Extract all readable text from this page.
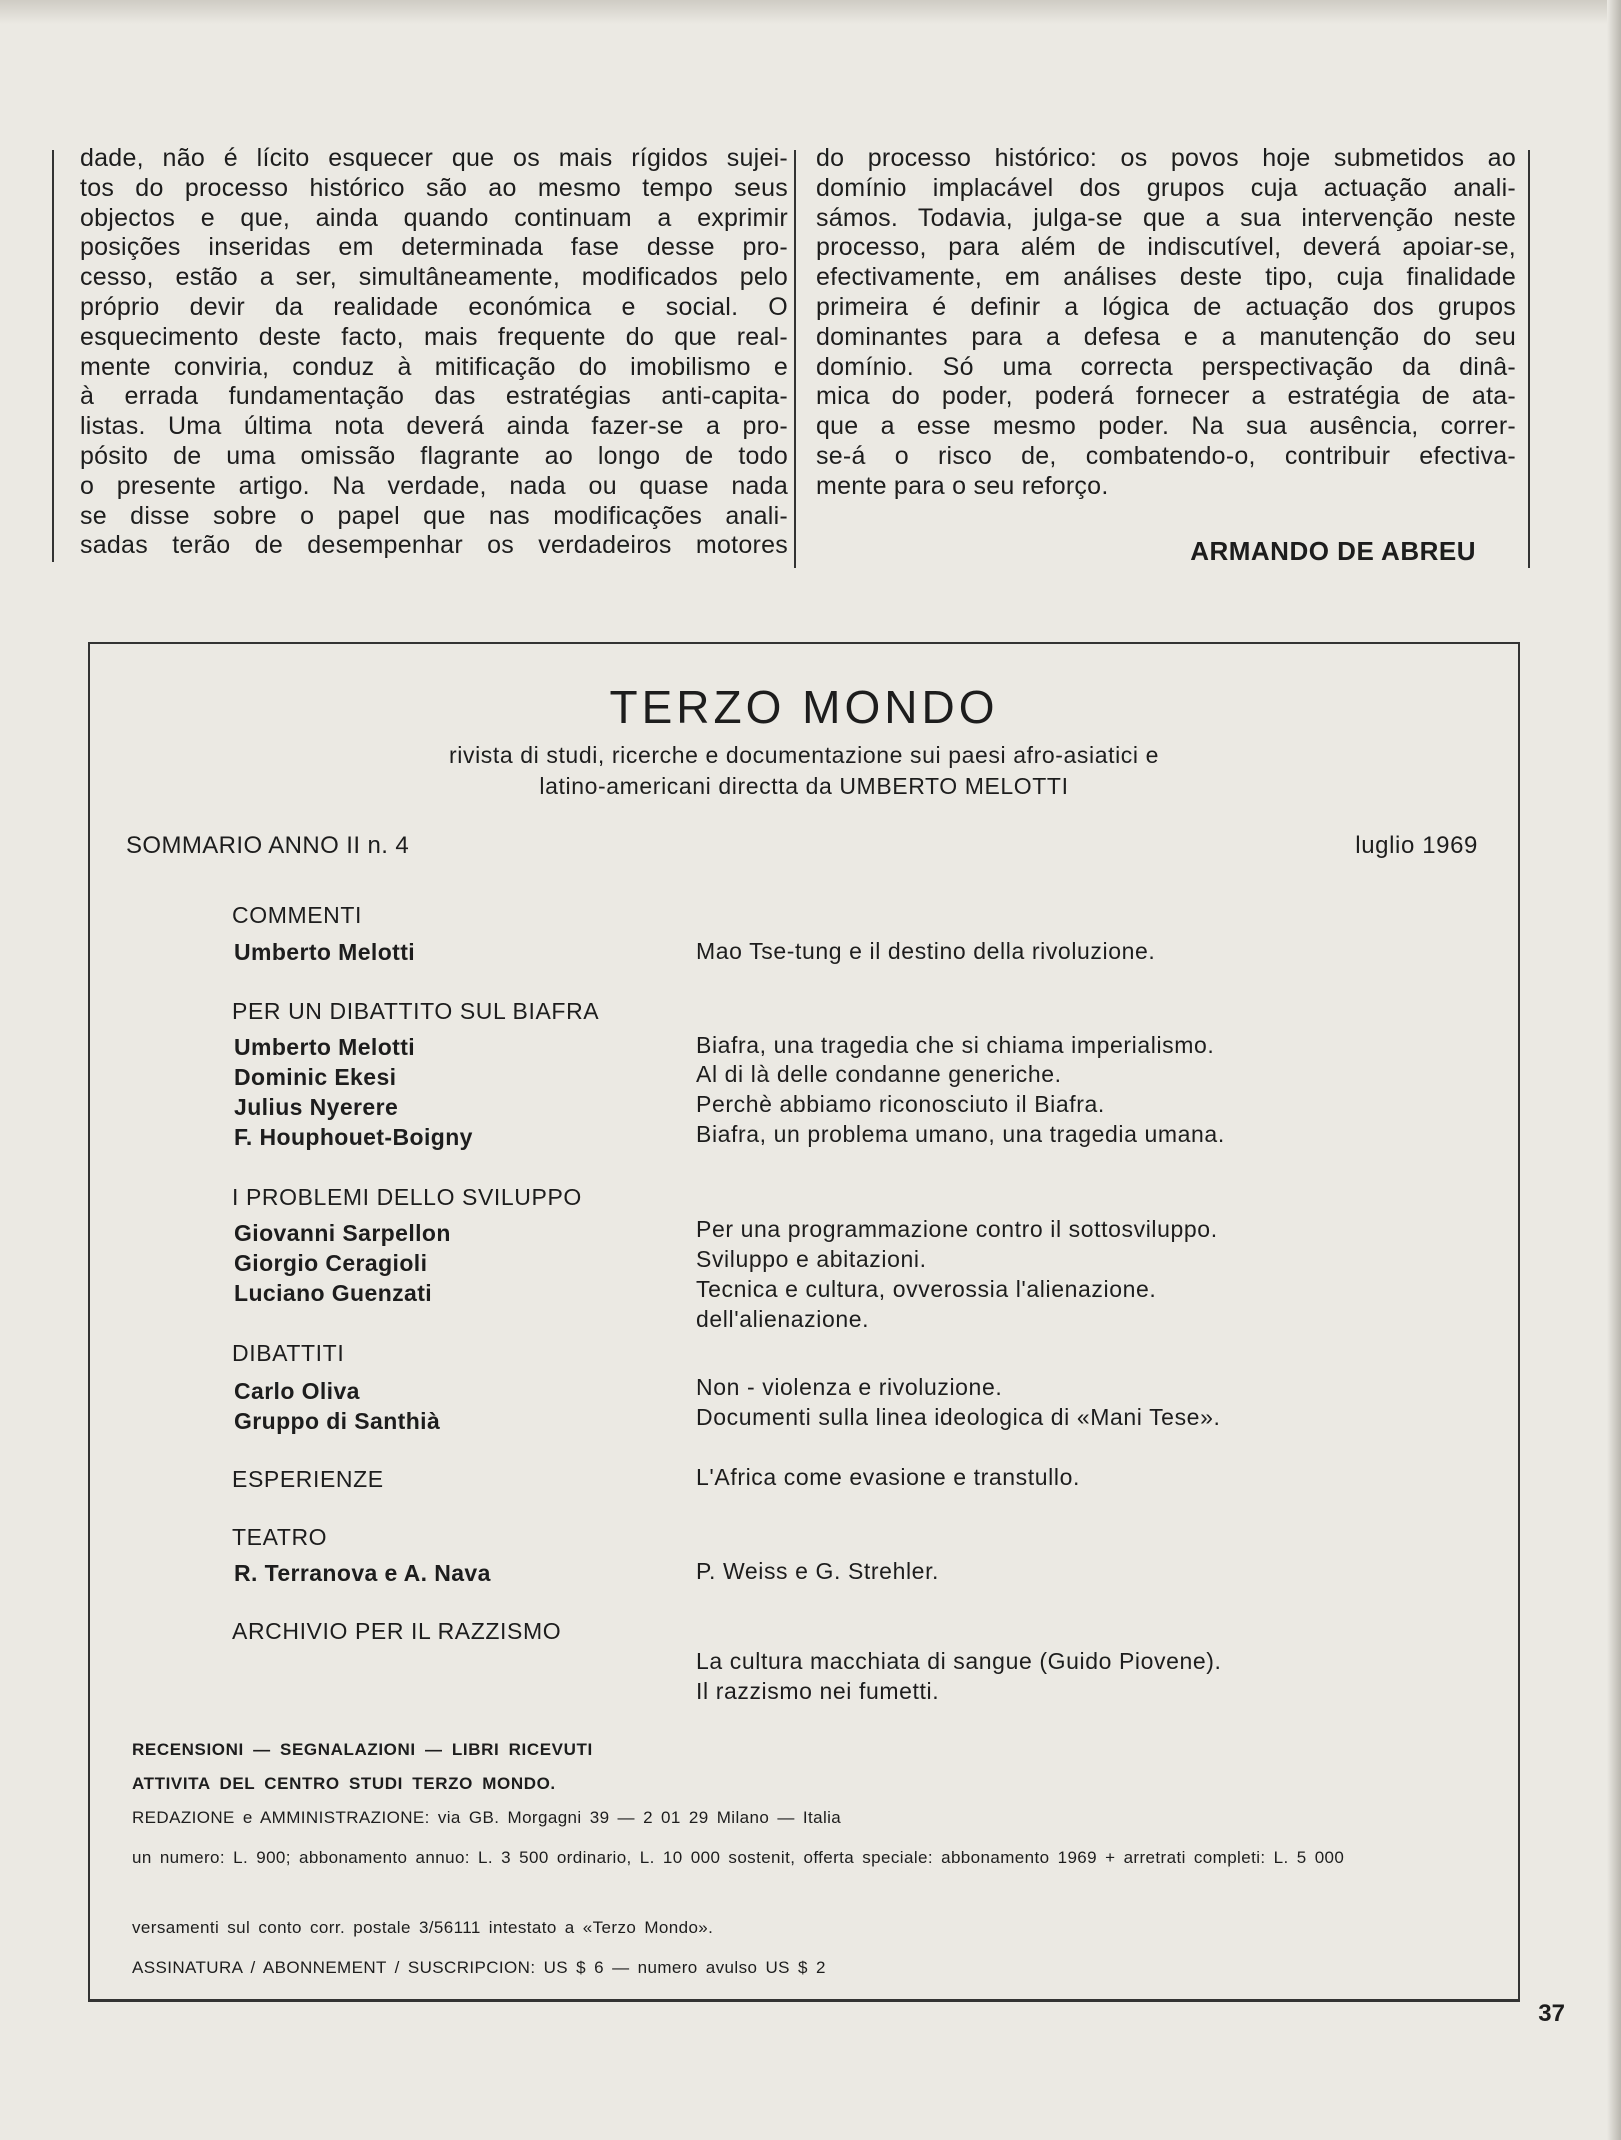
dade, não é lícito esquecer que os mais rígidos sujei-

tos do processo histórico são ao mesmo tempo seus

objectos e que, ainda quando continuam a exprimir

posições inseridas em determinada fase desse pro-

cesso, estão a ser, simultâneamente, modificados pelo

próprio devir da realidade económica e social. O

esquecimento deste facto, mais frequente do que real-

mente conviria, conduz à mitificação do imobilismo e

à errada fundamentação das estratégias anti-capita-

listas. Uma última nota deverá ainda fazer-se a pro-

pósito de uma omissão flagrante ao longo de todo

o presente artigo. Na verdade, nada ou quase nada

se disse sobre o papel que nas modificações anali-

sadas terão de desempenhar os verdadeiros motores

do processo histórico: os povos hoje submetidos ao

domínio implacável dos grupos cuja actuação anali-

sámos. Todavia, julga-se que a sua intervenção neste

processo, para além de indiscutível, deverá apoiar-se,

efectivamente, em análises deste tipo, cuja finalidade

primeira é definir a lógica de actuação dos grupos

dominantes para a defesa e a manutenção do seu

domínio. Só uma correcta perspectivação da dinâ-

mica do poder, poderá fornecer a estratégia de ata-

que a esse mesmo poder. Na sua ausência, correr-

se-á o risco de, combatendo-o, contribuir efectiva-

mente para o seu reforço.

ARMANDO DE ABREU
TERZO MONDO
rivista di studi, ricerche e documentazione sui paesi afro-asiatici e
latino-americani directta da UMBERTO MELOTTI
SOMMARIO ANNO II n. 4	luglio 1969
COMMENTI
Umberto Melotti	Mao Tse-tung e il destino della rivoluzione.
PER UN DIBATTITO SUL BIAFRA
Umberto Melotti	Biafra, una tragedia che si chiama imperialismo.
Dominic Ekesi	Al di là delle condanne generiche.
Julius Nyerere	Perchè abbiamo riconosciuto il Biafra.
F. Houphouet-Boigny	Biafra, un problema umano, una tragedia umana.
I PROBLEMI DELLO SVILUPPO
Giovanni Sarpellon	Per una programmazione contro il sottosviluppo.
Giorgio Ceragioli	Sviluppo e abitazioni.
Luciano Guenzati	Tecnica e cultura, ovverossia l'alienazione.
dell'alienazione.
DIBATTITI
Carlo Oliva	Non - violenza e rivoluzione.
Gruppo di Santhià	Documenti sulla linea ideologica di «Mani Tese».
ESPERIENZE	L'Africa come evasione e transtullo.
TEATRO
R. Terranova e A. Nava	P. Weiss e G. Strehler.
ARCHIVIO PER IL RAZZISMO
La cultura macchiata di sangue (Guido Piovene).
Il razzismo nei fumetti.
RECENSIONI — SEGNALAZIONI — LIBRI RICEVUTI
ATTIVITA DEL CENTRO STUDI TERZO MONDO.
REDAZIONE e AMMINISTRAZIONE: via GB. Morgagni 39 — 2 01 29 Milano — Italia
un numero: L. 900; abbonamento annuo: L. 3 500 ordinario, L. 10 000 sostenit, offerta speciale: abbonamento 1969 + arretrati completi: L. 5 000
versamenti sul conto corr. postale 3/56111 intestato a «Terzo Mondo».
ASSINATURA / ABONNEMENT / SUSCRIPCION: US $ 6 — numero avulso US $ 2
37
